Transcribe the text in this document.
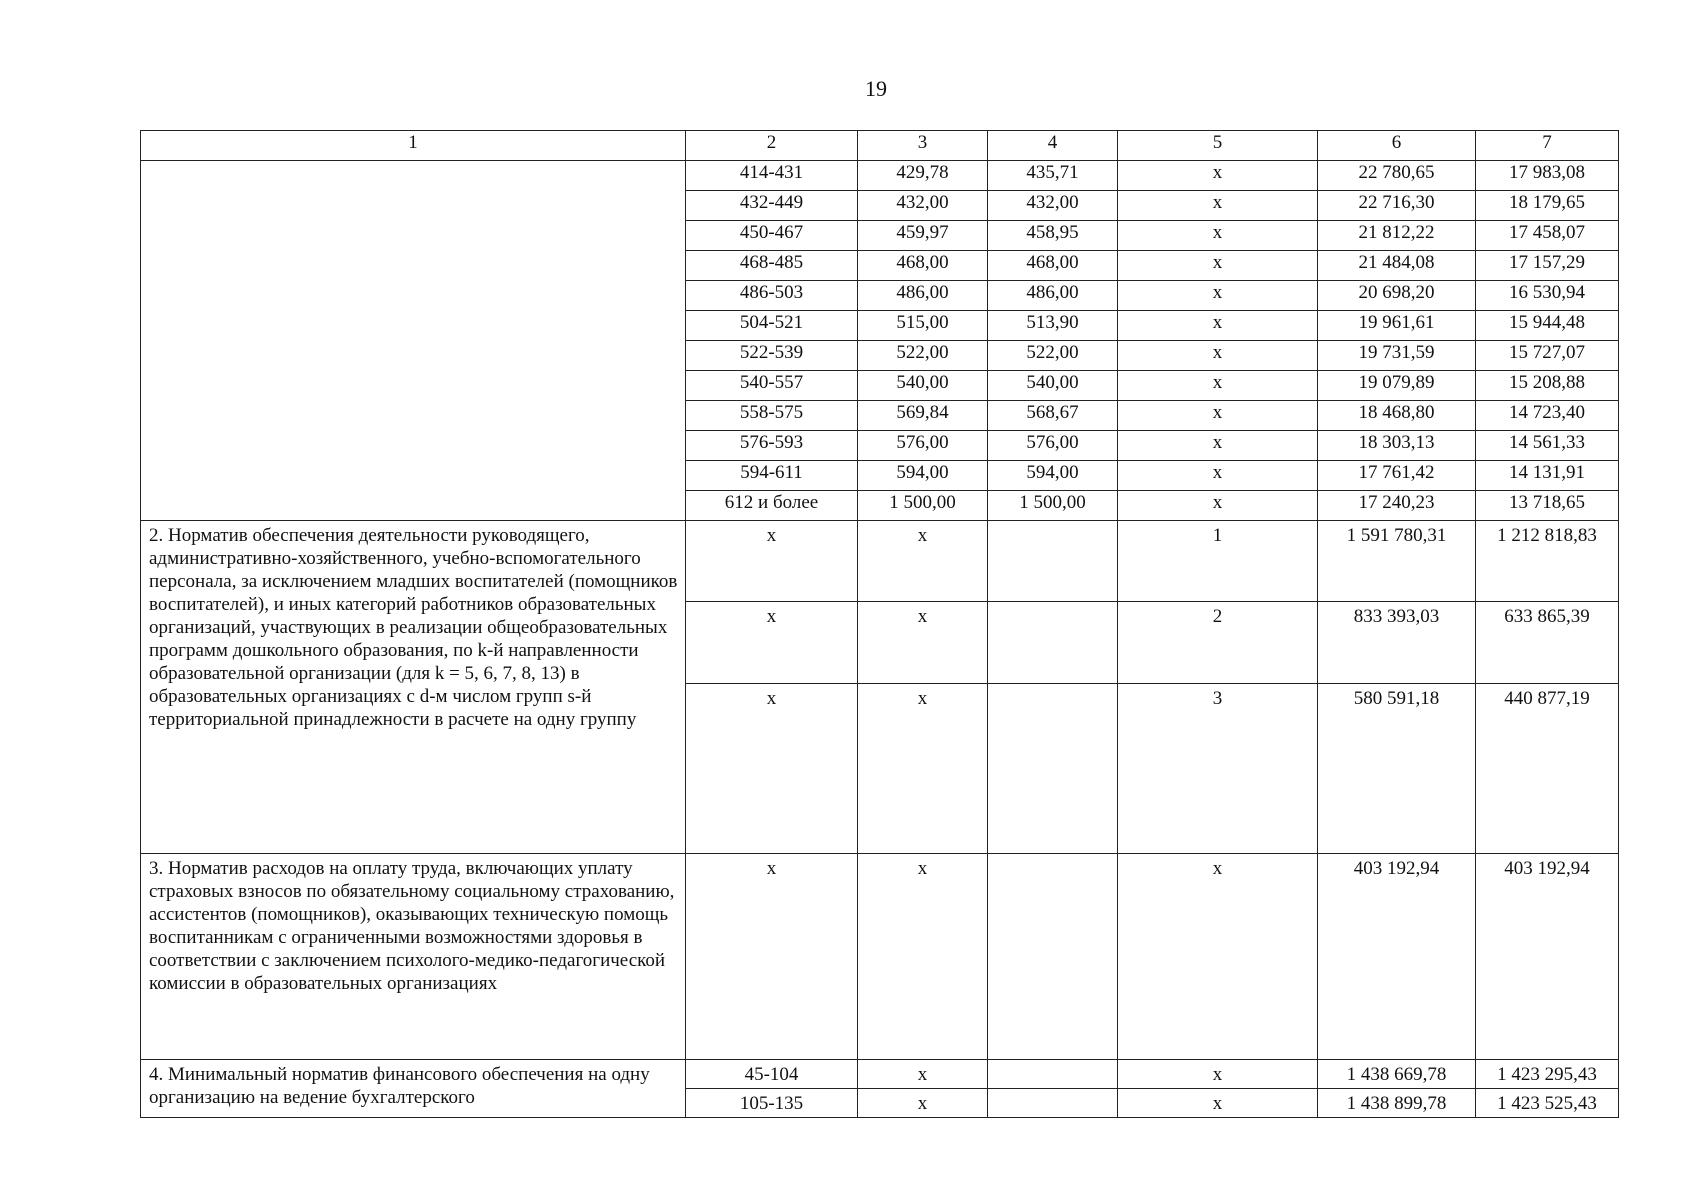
19
1	2	3	4	5	6	7
	414-431	429,78	435,71	x	22 780,65	17 983,08
	432-449	432,00	432,00	x	22 716,30	18 179,65
	450-467	459,97	458,95	x	21 812,22	17 458,07
	468-485	468,00	468,00	x	21 484,08	17 157,29
	486-503	486,00	486,00	x	20 698,20	16 530,94
	504-521	515,00	513,90	x	19 961,61	15 944,48
	522-539	522,00	522,00	x	19 731,59	15 727,07
	540-557	540,00	540,00	x	19 079,89	15 208,88
	558-575	569,84	568,67	x	18 468,80	14 723,40
	576-593	576,00	576,00	x	18 303,13	14 561,33
	594-611	594,00	594,00	x	17 761,42	14 131,91
	612 и более	1 500,00	1 500,00	x	17 240,23	13 718,65
2. Норматив обеспечения деятельности руководящего, административно-хозяйственного, учебно-вспомогательного персонала, за исключением младших воспитателей (помощников воспитателей), и иных категорий работников образовательных организаций, участвующих в реализации общеобразовательных программ дошкольного образования, по k-й направленности образовательной организации (для k = 5, 6, 7, 8, 13) в образовательных организациях с d-м числом групп s-й территориальной принадлежности в расчете на одну группу	x	x		1	1 591 780,31	1 212 818,83
	x	x		2	833 393,03	633 865,39
	x	x		3	580 591,18	440 877,19
3. Норматив расходов на оплату труда, включающих уплату страховых взносов по обязательному социальному страхованию, ассистентов (помощников), оказывающих техническую помощь воспитанникам с ограниченными возможностями здоровья в соответствии с заключением психолого-медико-педагогической комиссии в образовательных организациях	x	x		x	403 192,94	403 192,94
4. Минимальный норматив финансового обеспечения на одну организацию на ведение бухгалтерского	45-104	x		x	1 438 669,78	1 423 295,43
	105-135	x		x	1 438 899,78	1 423 525,43
